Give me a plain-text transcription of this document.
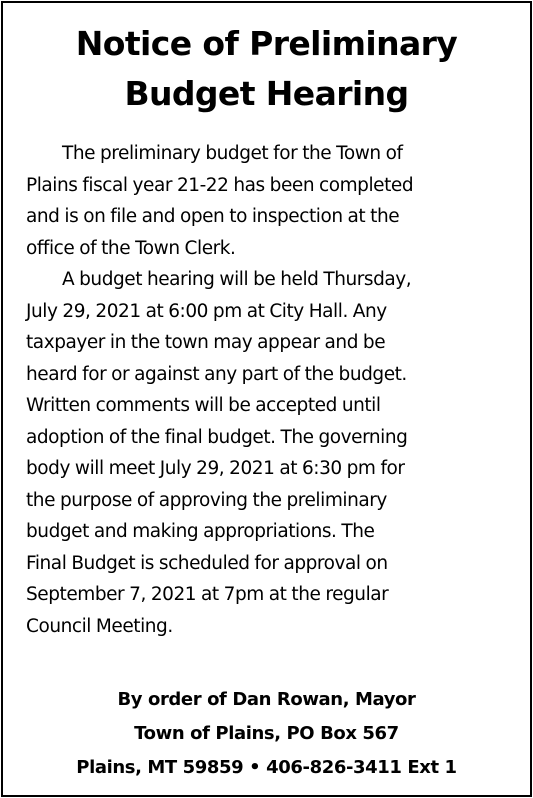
Notice of Preliminary
Budget Hearing
The preliminary budget for the Town of
Plains fiscal year 21-22 has been completed
and is on file and open to inspection at the
office of the Town Clerk.
A budget hearing will be held Thursday,
July 29, 2021 at 6:00 pm at City Hall. Any
taxpayer in the town may appear and be
heard for or against any part of the budget.
Written comments will be accepted until
adoption of the final budget. The governing
body will meet July 29, 2021 at 6:30 pm for
the purpose of approving the preliminary
budget and making appropriations. The
Final Budget is scheduled for approval on
September 7, 2021 at 7pm at the regular
Council Meeting.
By order of Dan Rowan, Mayor
Town of Plains, PO Box 567
Plains, MT 59859 • 406-826-3411 Ext 1
